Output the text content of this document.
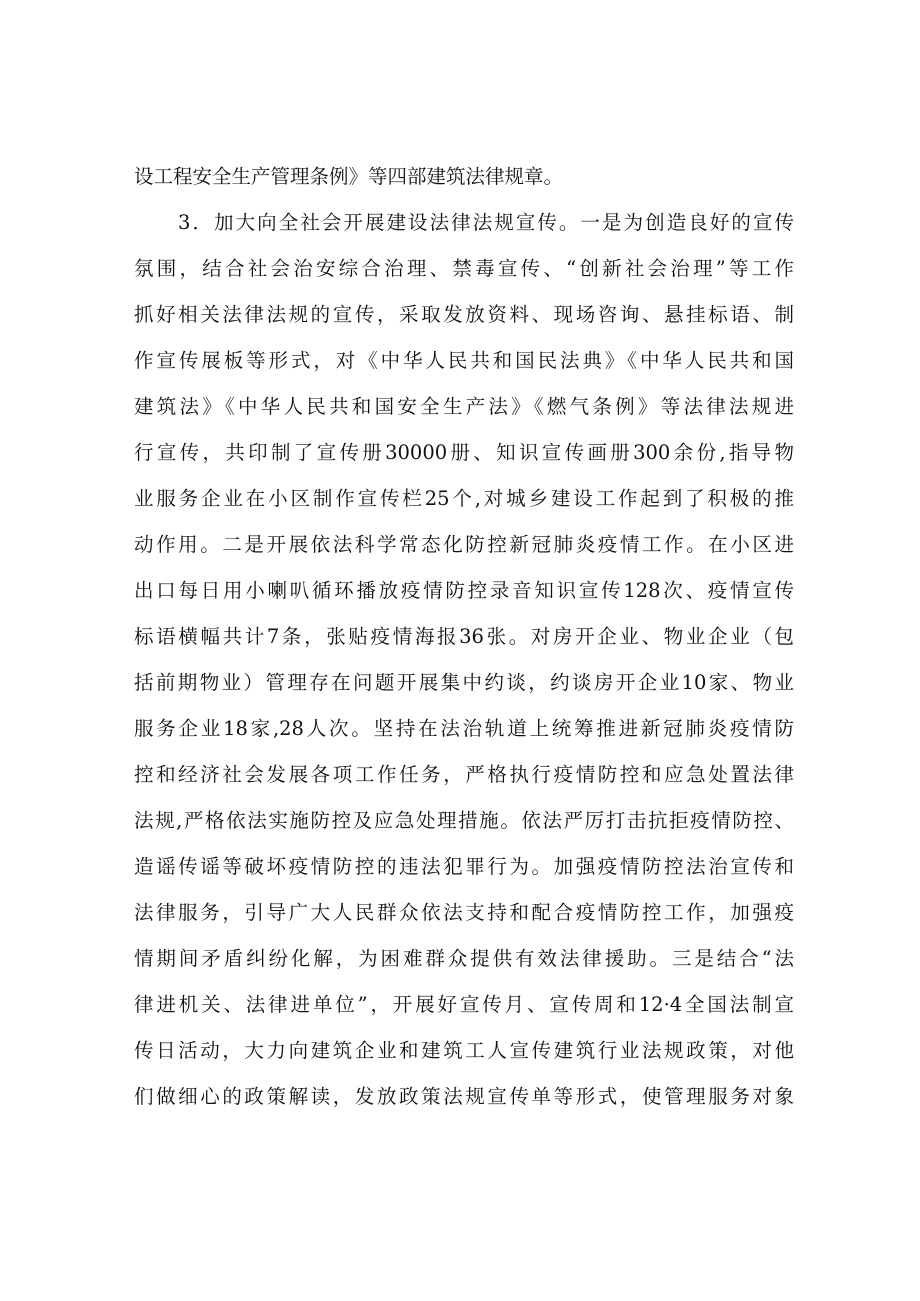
设工程安全生产管理条例》等四部建筑法律规章。
3．加大向全社会开展建设法律法规宣传。一是为创造良好的宣传
氛围，结合社会治安综合治理、禁毒宣传、“创新社会治理”等工作
抓好相关法律法规的宣传，采取发放资料、现场咨询、悬挂标语、制
作宣传展板等形式，对《中华人民共和国民法典》《中华人民共和国
建筑法》《中华人民共和国安全生产法》《燃气条例》等法律法规进
行宣传，共印制了宣传册30000册、知识宣传画册300余份,指导物
业服务企业在小区制作宣传栏25个,对城乡建设工作起到了积极的推
动作用。二是开展依法科学常态化防控新冠肺炎疫情工作。在小区进
出口每日用小喇叭循环播放疫情防控录音知识宣传128次、疫情宣传
标语横幅共计7条，张贴疫情海报36张。对房开企业、物业企业（包
括前期物业）管理存在问题开展集中约谈，约谈房开企业10家、物业
服务企业18家,28人次。坚持在法治轨道上统筹推进新冠肺炎疫情防
控和经济社会发展各项工作任务，严格执行疫情防控和应急处置法律
法规,严格依法实施防控及应急处理措施。依法严厉打击抗拒疫情防控、
造谣传谣等破坏疫情防控的违法犯罪行为。加强疫情防控法治宣传和
法律服务，引导广大人民群众依法支持和配合疫情防控工作，加强疫
情期间矛盾纠纷化解，为困难群众提供有效法律援助。三是结合“法
律进机关、法律进单位”，开展好宣传月、宣传周和12·4全国法制宣
传日活动，大力向建筑企业和建筑工人宣传建筑行业法规政策，对他
们做细心的政策解读，发放政策法规宣传单等形式，使管理服务对象
